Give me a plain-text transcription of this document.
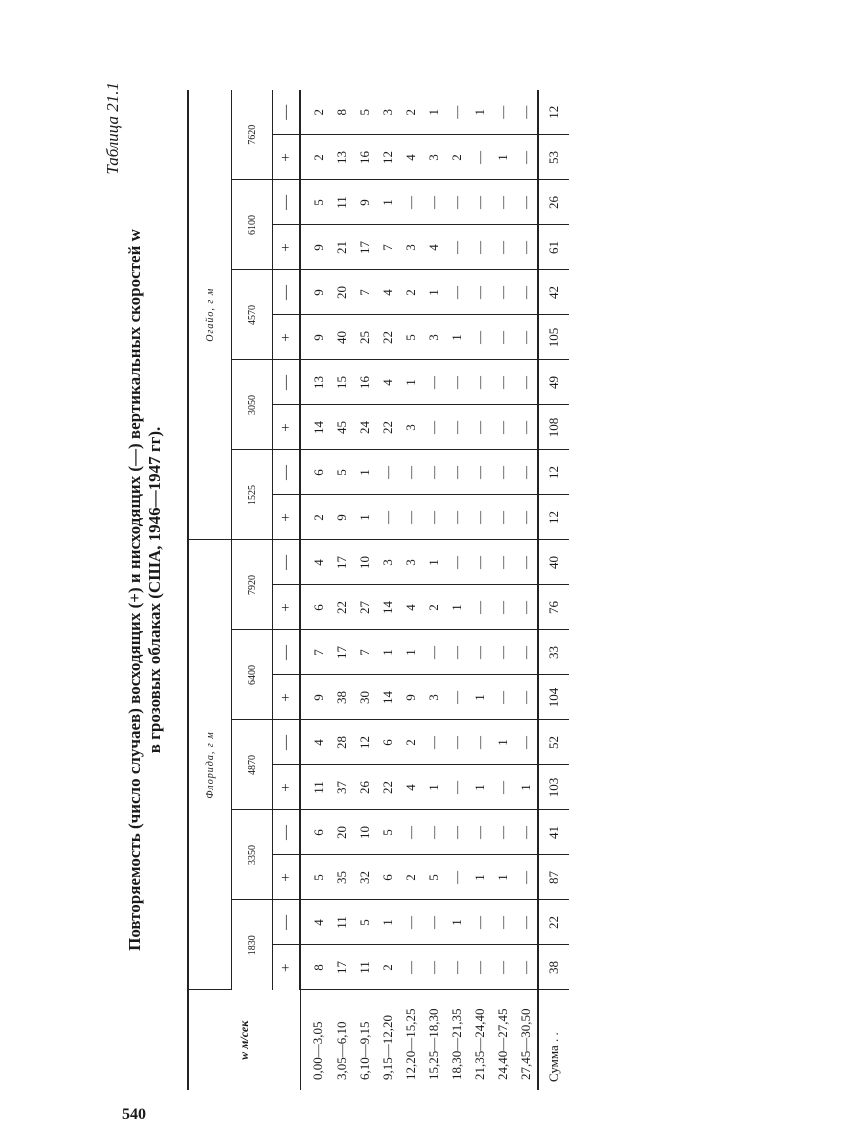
540
Таблица 21.1
Повторяемость (число случаев) восходящих (+) и нисходящих (—) вертикальных скоростей w в грозовых облаках (США, 1946—1947 гг).
w м/сек	Флорида, г м										Огайо, г м									
	1830		3350		4870		6400		7920		1525		3050		4570		6100		7620	
	+	—	+	—	+	—	+	—	+	—	+	—	+	—	+	—	+	—	+	—
0,00—3,05	8	4	5	6	11	4	9	7	6	4	2	6	14	13	9	9	9	5	2	2
3,05—6,10	17	11	35	20	37	28	38	17	22	17	9	5	45	15	40	20	21	11	13	8
6,10—9,15	11	5	32	10	26	12	30	7	27	10	1	1	24	16	25	7	17	9	16	5
9,15—12,20	2	1	6	5	22	6	14	1	14	3	—	—	22	4	22	4	7	1	12	3
12,20—15,25	—	—	2	—	4	2	9	1	4	3	—	—	3	1	5	2	3	—	4	2
15,25—18,30	—	—	5	—	1	—	3	—	2	1	—	—	—	—	3	1	4	—	3	1
18,30—21,35	—	1	—	—	—	—	—	—	1	—	—	—	—	—	1	—	—	—	2	—
21,35—24,40	—	—	1	—	1	—	1	—	—	—	—	—	—	—	—	—	—	—	—	1
24,40—27,45	—	—	1	—	—	1	—	—	—	—	—	—	—	—	—	—	—	—	1	—
27,45—30,50	—	—	—	—	1	—	—	—	—	—	—	—	—	—	—	—	—	—	—	—
Сумма . .	38	22	87	41	103	52	104	33	76	40	12	12	108	49	105	42	61	26	53	12
